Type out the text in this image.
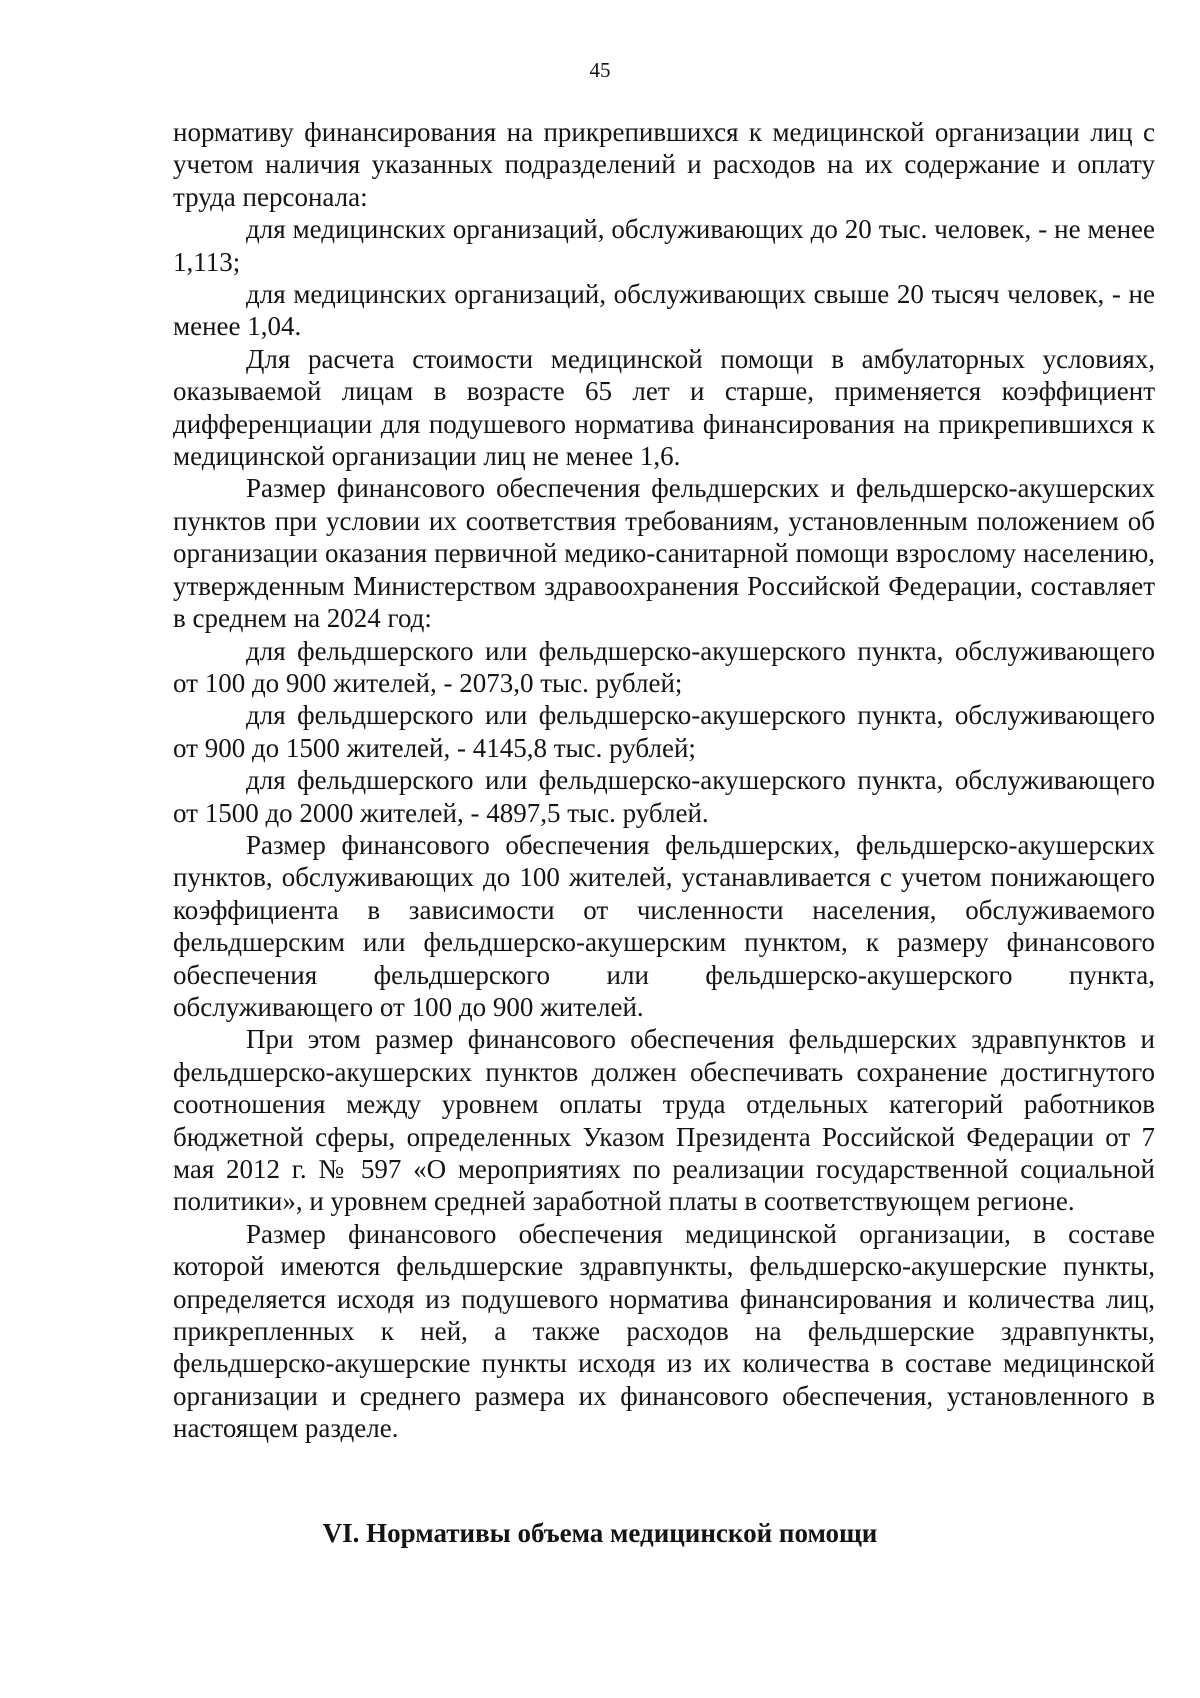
45

нормативу финансирования на прикрепившихся к медицинской организации лиц с учетом наличия указанных подразделений и расходов на их содержание и оплату труда персонала:

для медицинских организаций, обслуживающих до 20 тыс. человек, - не менее 1,113;

для медицинских организаций, обслуживающих свыше 20 тысяч человек, - не менее 1,04.

Для расчета стоимости медицинской помощи в амбулаторных условиях, оказываемой лицам в возрасте 65 лет и старше, применяется коэффициент дифференциации для подушевого норматива финансирования на прикрепившихся к медицинской организации лиц не менее 1,6.

Размер финансового обеспечения фельдшерских и фельдшерско-акушерских пунктов при условии их соответствия требованиям, установленным положением об организации оказания первичной медико-санитарной помощи взрослому населению, утвержденным Министерством здравоохранения Российской Федерации, составляет в среднем на 2024 год:

для фельдшерского или фельдшерско-акушерского пункта, обслуживающего от 100 до 900 жителей, - 2073,0 тыс. рублей;

для фельдшерского или фельдшерско-акушерского пункта, обслуживающего от 900 до 1500 жителей, - 4145,8 тыс. рублей;

для фельдшерского или фельдшерско-акушерского пункта, обслуживающего от 1500 до 2000 жителей, - 4897,5 тыс. рублей.

Размер финансового обеспечения фельдшерских, фельдшерско-акушерских пунктов, обслуживающих до 100 жителей, устанавливается с учетом понижающего коэффициента в зависимости от численности населения, обслуживаемого фельдшерским или фельдшерско-акушерским пунктом, к размеру финансового обеспечения фельдшерского или фельдшерско-акушерского пункта, обслуживающего от 100 до 900 жителей.

При этом размер финансового обеспечения фельдшерских здравпунктов и фельдшерско-акушерских пунктов должен обеспечивать сохранение достигнутого соотношения между уровнем оплаты труда отдельных категорий работников бюджетной сферы, определенных Указом Президента Российской Федерации от 7 мая 2012 г. № 597 «О мероприятиях по реализации государственной социальной политики», и уровнем средней заработной платы в соответствующем регионе.

Размер финансового обеспечения медицинской организации, в составе которой имеются фельдшерские здравпункты, фельдшерско-акушерские пункты, определяется исходя из подушевого норматива финансирования и количества лиц, прикрепленных к ней, а также расходов на фельдшерские здравпункты, фельдшерско-акушерские пункты исходя из их количества в составе медицинской организации и среднего размера их финансового обеспечения, установленного в настоящем разделе.

VI. Нормативы объема медицинской помощи
